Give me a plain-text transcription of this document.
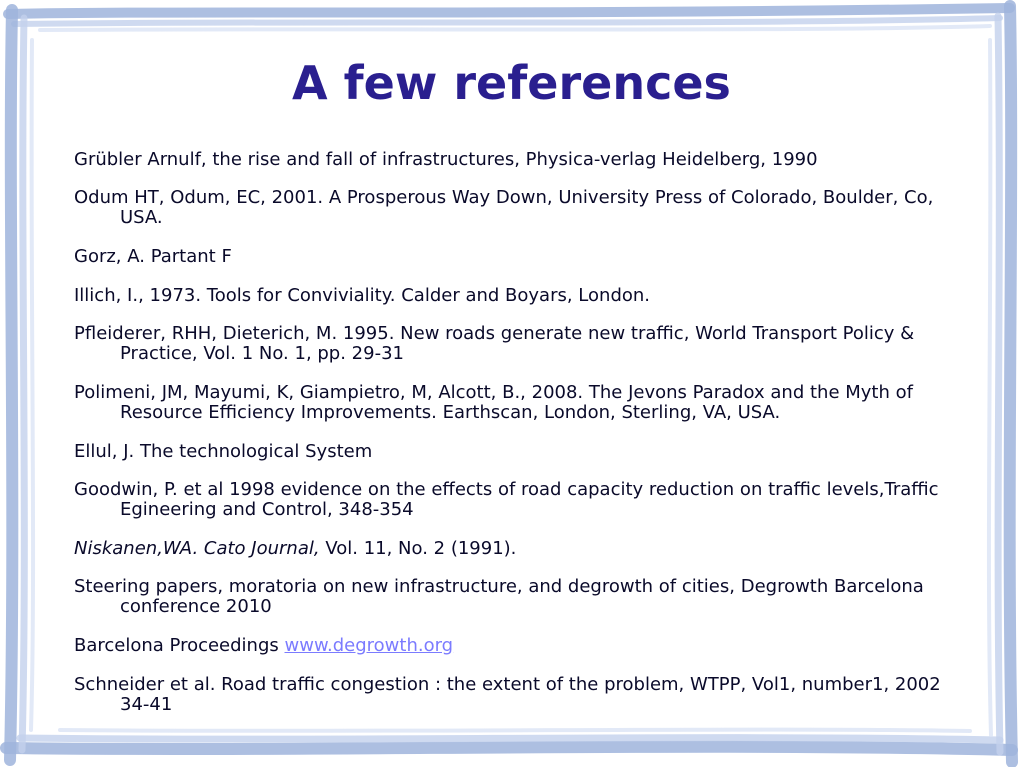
A few references
Grübler Arnulf, the rise and fall of infrastructures, Physica-verlag Heidelberg, 1990
Odum HT, Odum, EC, 2001. A Prosperous Way Down, University Press of Colorado, Boulder, Co, USA.
Gorz, A. Partant F
Illich, I., 1973. Tools for Conviviality. Calder and Boyars, London.
Pfleiderer, RHH, Dieterich, M. 1995. New roads generate new traffic, World Transport Policy & Practice, Vol. 1 No. 1, pp. 29-31
Polimeni, JM, Mayumi, K, Giampietro, M, Alcott, B., 2008. The Jevons Paradox and the Myth of Resource Efficiency Improvements. Earthscan, London, Sterling, VA, USA.
Ellul, J. The technological System
Goodwin, P. et al 1998 evidence on the effects of road capacity reduction on traffic levels,Traffic Egineering and Control, 348-354
Niskanen,WA. Cato Journal, Vol. 11, No. 2 (1991).
Steering papers, moratoria on new infrastructure, and degrowth of cities, Degrowth Barcelona conference 2010
Barcelona Proceedings www.degrowth.org
Schneider et al. Road traffic congestion : the extent of the problem, WTPP, Vol1, number1, 2002 34-41
